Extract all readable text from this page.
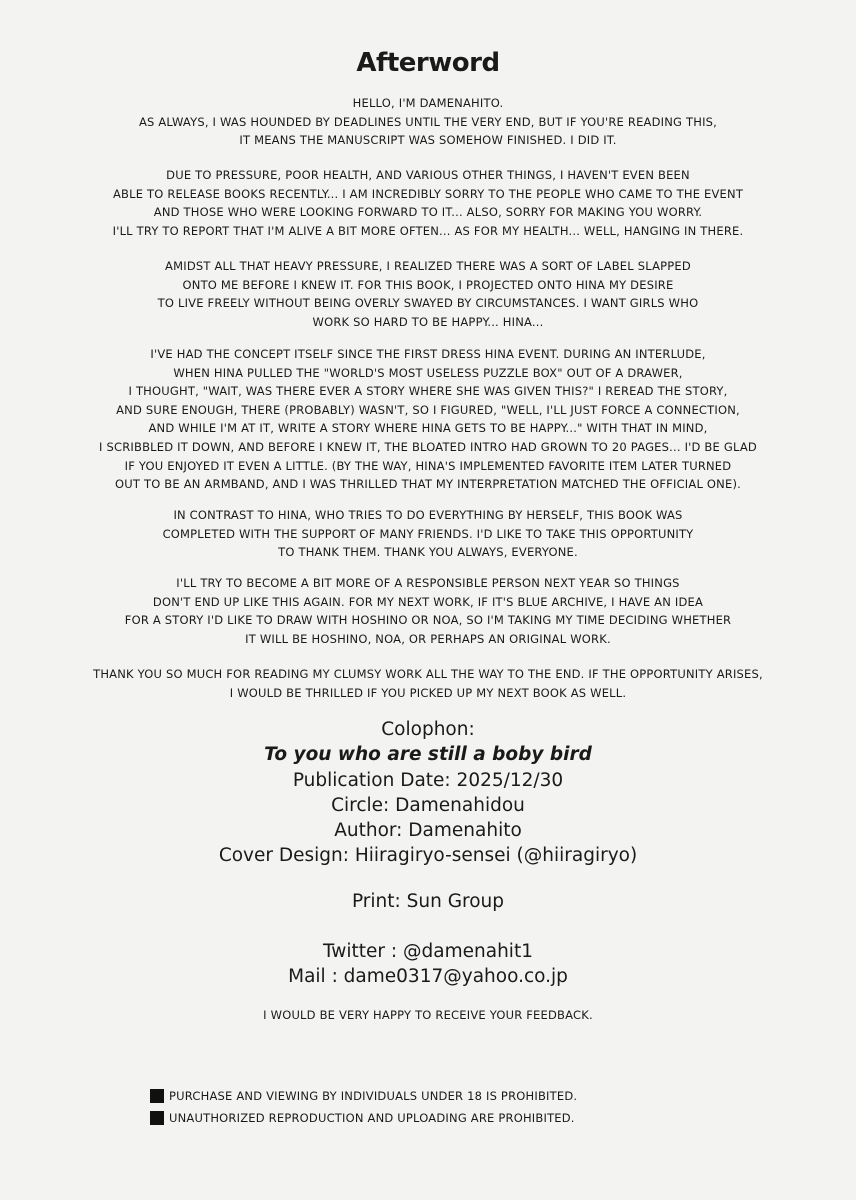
Afterword
HELLO, I'M DAMENAHITO.
AS ALWAYS, I WAS HOUNDED BY DEADLINES UNTIL THE VERY END, BUT IF YOU'RE READING THIS,
IT MEANS THE MANUSCRIPT WAS SOMEHOW FINISHED. I DID IT.
DUE TO PRESSURE, POOR HEALTH, AND VARIOUS OTHER THINGS, I HAVEN'T EVEN BEEN
ABLE TO RELEASE BOOKS RECENTLY... I AM INCREDIBLY SORRY TO THE PEOPLE WHO CAME TO THE EVENT
AND THOSE WHO WERE LOOKING FORWARD TO IT... ALSO, SORRY FOR MAKING YOU WORRY.
I'LL TRY TO REPORT THAT I'M ALIVE A BIT MORE OFTEN... AS FOR MY HEALTH... WELL, HANGING IN THERE.
AMIDST ALL THAT HEAVY PRESSURE, I REALIZED THERE WAS A SORT OF LABEL SLAPPED
ONTO ME BEFORE I KNEW IT. FOR THIS BOOK, I PROJECTED ONTO HINA MY DESIRE
TO LIVE FREELY WITHOUT BEING OVERLY SWAYED BY CIRCUMSTANCES. I WANT GIRLS WHO
WORK SO HARD TO BE HAPPY... HINA...
I'VE HAD THE CONCEPT ITSELF SINCE THE FIRST DRESS HINA EVENT. DURING AN INTERLUDE,
WHEN HINA PULLED THE "WORLD'S MOST USELESS PUZZLE BOX" OUT OF A DRAWER,
I THOUGHT, "WAIT, WAS THERE EVER A STORY WHERE SHE WAS GIVEN THIS?" I REREAD THE STORY,
AND SURE ENOUGH, THERE (PROBABLY) WASN'T, SO I FIGURED, "WELL, I'LL JUST FORCE A CONNECTION,
AND WHILE I'M AT IT, WRITE A STORY WHERE HINA GETS TO BE HAPPY..." WITH THAT IN MIND,
I SCRIBBLED IT DOWN, AND BEFORE I KNEW IT, THE BLOATED INTRO HAD GROWN TO 20 PAGES... I'D BE GLAD
IF YOU ENJOYED IT EVEN A LITTLE. (BY THE WAY, HINA'S IMPLEMENTED FAVORITE ITEM LATER TURNED
OUT TO BE AN ARMBAND, AND I WAS THRILLED THAT MY INTERPRETATION MATCHED THE OFFICIAL ONE).
IN CONTRAST TO HINA, WHO TRIES TO DO EVERYTHING BY HERSELF, THIS BOOK WAS
COMPLETED WITH THE SUPPORT OF MANY FRIENDS. I'D LIKE TO TAKE THIS OPPORTUNITY
TO THANK THEM. THANK YOU ALWAYS, EVERYONE.
I'LL TRY TO BECOME A BIT MORE OF A RESPONSIBLE PERSON NEXT YEAR SO THINGS
DON'T END UP LIKE THIS AGAIN. FOR MY NEXT WORK, IF IT'S BLUE ARCHIVE, I HAVE AN IDEA
FOR A STORY I'D LIKE TO DRAW WITH HOSHINO OR NOA, SO I'M TAKING MY TIME DECIDING WHETHER
IT WILL BE HOSHINO, NOA, OR PERHAPS AN ORIGINAL WORK.
THANK YOU SO MUCH FOR READING MY CLUMSY WORK ALL THE WAY TO THE END. IF THE OPPORTUNITY ARISES,
I WOULD BE THRILLED IF YOU PICKED UP MY NEXT BOOK AS WELL.
Colophon:
To you who are still a boby bird
Publication Date: 2025/12/30
Circle: Damenahidou
Author: Damenahito
Cover Design: Hiiragiryo-sensei (@hiiragiryo)
Print: Sun Group
Twitter : @damenahit1
Mail : dame0317@yahoo.co.jp
I WOULD BE VERY HAPPY TO RECEIVE YOUR FEEDBACK.
PURCHASE AND VIEWING BY INDIVIDUALS UNDER 18 IS PROHIBITED.
UNAUTHORIZED REPRODUCTION AND UPLOADING ARE PROHIBITED.
